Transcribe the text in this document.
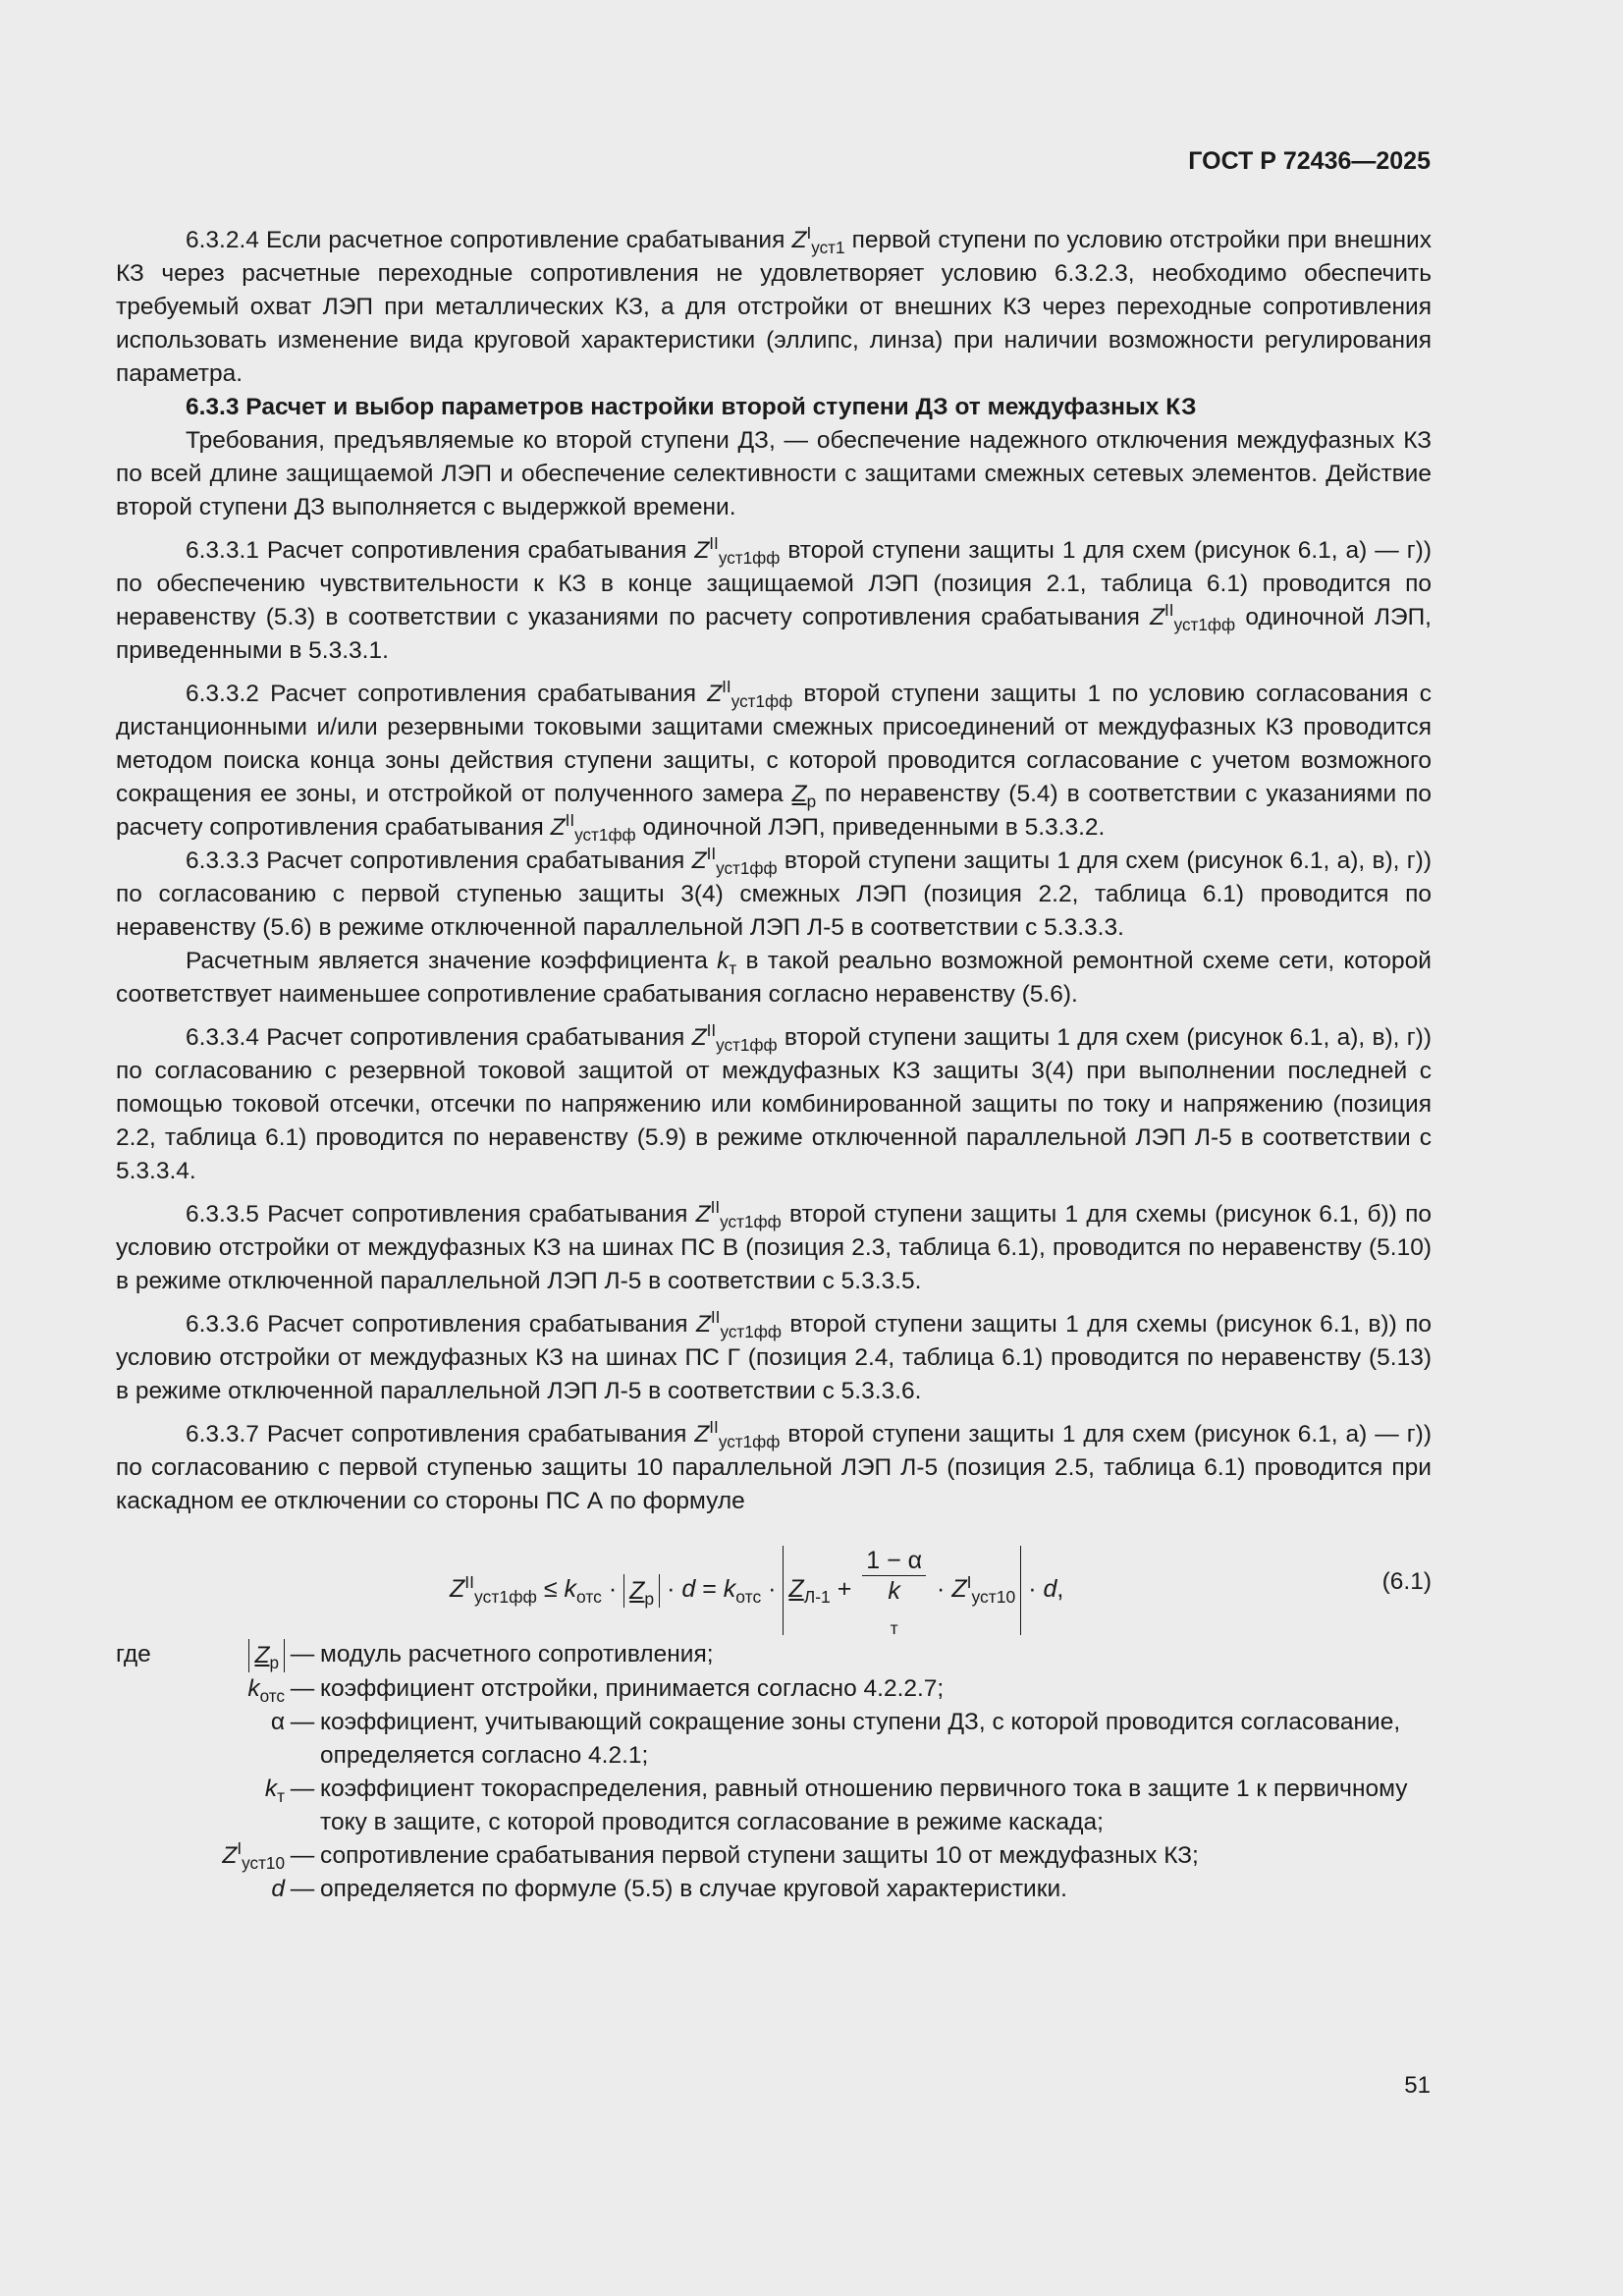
ГОСТ Р 72436—2025

6.3.2.4 Если расчетное сопротивление срабатывания $Z^I_{уст1}$ первой ступени по условию отстройки при внешних КЗ через расчетные переходные сопротивления не удовлетворяет условию 6.3.2.3, необходимо обеспечить требуемый охват ЛЭП при металлических КЗ, а для отстройки от внешних КЗ через переходные сопротивления использовать изменение вида круговой характеристики (эллипс, линза) при наличии возможности регулирования параметра.

6.3.3 Расчет и выбор параметров настройки второй ступени ДЗ от междуфазных КЗ

Требования, предъявляемые ко второй ступени ДЗ, — обеспечение надежного отключения междуфазных КЗ по всей длине защищаемой ЛЭП и обеспечение селективности с защитами смежных сетевых элементов. Действие второй ступени ДЗ выполняется с выдержкой времени.

6.3.3.1 Расчет сопротивления срабатывания $Z^{II}_{уст1фф}$ второй ступени защиты 1 для схем (рисунок 6.1, а) — г)) по обеспечению чувствительности к КЗ в конце защищаемой ЛЭП (позиция 2.1, таблица 6.1) проводится по неравенству (5.3) в соответствии с указаниями по расчету сопротивления срабатывания $Z^{II}_{уст1фф}$ одиночной ЛЭП, приведенными в 5.3.3.1.

6.3.3.2 Расчет сопротивления срабатывания $Z^{II}_{уст1фф}$ второй ступени защиты 1 по условию согласования с дистанционными и/или резервными токовыми защитами смежных присоединений от междуфазных КЗ проводится методом поиска конца зоны действия ступени защиты, с которой проводится согласование с учетом возможного сокращения ее зоны, и отстройкой от полученного замера $Z_р$ по неравенству (5.4) в соответствии с указаниями по расчету сопротивления срабатывания $Z^{II}_{уст1фф}$ одиночной ЛЭП, приведенными в 5.3.3.2.

6.3.3.3 Расчет сопротивления срабатывания $Z^{II}_{уст1фф}$ второй ступени защиты 1 для схем (рисунок 6.1, а), в), г)) по согласованию с первой ступенью защиты 3(4) смежных ЛЭП (позиция 2.2, таблица 6.1) проводится по неравенству (5.6) в режиме отключенной параллельной ЛЭП Л-5 в соответствии с 5.3.3.3.

Расчетным является значение коэффициента $k_т$ в такой реально возможной ремонтной схеме сети, которой соответствует наименьшее сопротивление срабатывания согласно неравенству (5.6).

6.3.3.4 Расчет сопротивления срабатывания $Z^{II}_{уст1фф}$ второй ступени защиты 1 для схем (рисунок 6.1, а), в), г)) по согласованию с резервной токовой защитой от междуфазных КЗ защиты 3(4) при выполнении последней с помощью токовой отсечки, отсечки по напряжению или комбинированной защиты по току и напряжению (позиция 2.2, таблица 6.1) проводится по неравенству (5.9) в режиме отключенной параллельной ЛЭП Л-5 в соответствии с 5.3.3.4.

6.3.3.5 Расчет сопротивления срабатывания $Z^{II}_{уст1фф}$ второй ступени защиты 1 для схемы (рисунок 6.1, б)) по условию отстройки от междуфазных КЗ на шинах ПС В (позиция 2.3, таблица 6.1), проводится по неравенству (5.10) в режиме отключенной параллельной ЛЭП Л-5 в соответствии с 5.3.3.5.

6.3.3.6 Расчет сопротивления срабатывания $Z^{II}_{уст1фф}$ второй ступени защиты 1 для схемы (рисунок 6.1, в)) по условию отстройки от междуфазных КЗ на шинах ПС Г (позиция 2.4, таблица 6.1) проводится по неравенству (5.13) в режиме отключенной параллельной ЛЭП Л-5 в соответствии с 5.3.3.6.

6.3.3.7 Расчет сопротивления срабатывания $Z^{II}_{уст1фф}$ второй ступени защиты 1 для схем (рисунок 6.1, а) — г)) по согласованию с первой ступенью защиты 10 параллельной ЛЭП Л-5 (позиция 2.5, таблица 6.1) проводится при каскадном ее отключении со стороны ПС А по формуле

$Z^{II}_{уст1фф} \le k_{отс} \cdot Z_р \cdot d = k_{отс} \cdot Z_{Л-1} + 1 - \alpha$
k
$_т \cdot Z^I_{уст10} \cdot d$,	(6.1)
где	$Z_р$ — модуль расчетного сопротивления;
$k_{отс}$ — коэффициент отстройки, принимается согласно 4.2.2.7;
α — коэффициент, учитывающий сокращение зоны ступени ДЗ, с которой проводится согласование, определяется согласно 4.2.1;
$k_т$ — коэффициент токораспределения, равный отношению первичного тока в защите 1 к первичному току в защите, с которой проводится согласование в режиме каскада;
$Z^I_{уст10}$ — сопротивление срабатывания первой ступени защиты 10 от междуфазных КЗ;
d — определяется по формуле (5.5) в случае круговой характеристики.
51
